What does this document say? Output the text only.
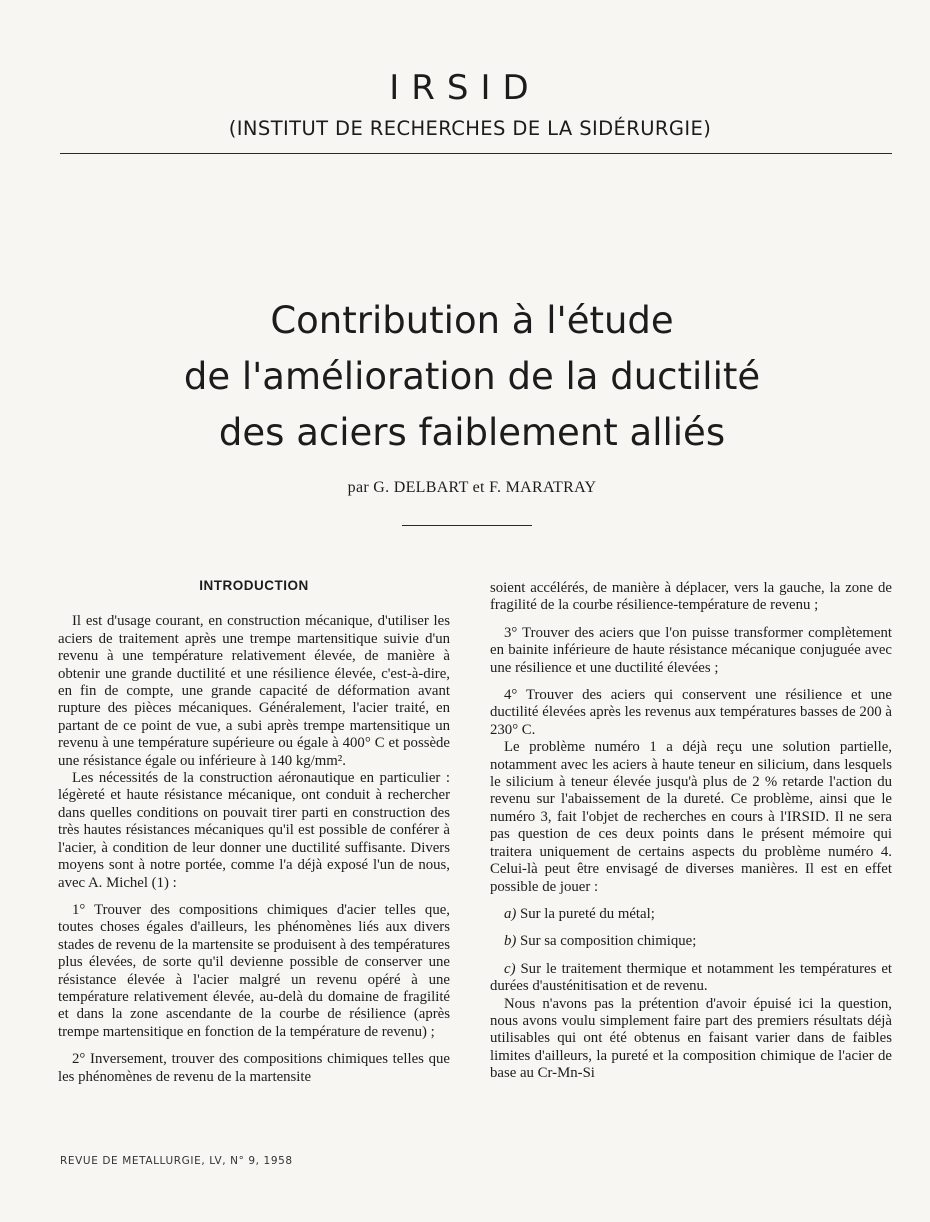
IRSID
(INSTITUT DE RECHERCHES DE LA SIDÉRURGIE)
Contribution à l'étude
de l'amélioration de la ductilité
des aciers faiblement alliés
par G. DELBART et F. MARATRAY
INTRODUCTION

Il est d'usage courant, en construction mécanique, d'utiliser les aciers de traitement après une trempe martensitique suivie d'un revenu à une température relativement élevée, de manière à obtenir une grande ductilité et une résilience élevée, c'est-à-dire, en fin de compte, une grande capacité de déformation avant rupture des pièces mécaniques. Généralement, l'acier traité, en partant de ce point de vue, a subi après trempe martensitique un revenu à une température supérieure ou égale à 400° C et possède une résistance égale ou inférieure à 140 kg/mm².

Les nécessités de la construction aéronautique en particulier : légèreté et haute résistance mécanique, ont conduit à rechercher dans quelles conditions on pouvait tirer parti en construction des très hautes résistances mécaniques qu'il est possible de conférer à l'acier, à condition de leur donner une ductilité suffisante. Divers moyens sont à notre portée, comme l'a déjà exposé l'un de nous, avec A. Michel (1) :

1° Trouver des compositions chimiques d'acier telles que, toutes choses égales d'ailleurs, les phénomènes liés aux divers stades de revenu de la martensite se produisent à des températures plus élevées, de sorte qu'il devienne possible de conserver une résistance élevée à l'acier malgré un revenu opéré à une température relativement élevée, au-delà du domaine de fragilité et dans la zone ascendante de la courbe de résilience (après trempe martensitique en fonction de la température de revenu) ;

2° Inversement, trouver des compositions chimiques telles que les phénomènes de revenu de la martensite

soient accélérés, de manière à déplacer, vers la gauche, la zone de fragilité de la courbe résilience-température de revenu ;

3° Trouver des aciers que l'on puisse transformer complètement en bainite inférieure de haute résistance mécanique conjuguée avec une résilience et une ductilité élevées ;

4° Trouver des aciers qui conservent une résilience et une ductilité élevées après les revenus aux températures basses de 200 à 230° C.

Le problème numéro 1 a déjà reçu une solution partielle, notamment avec les aciers à haute teneur en silicium, dans lesquels le silicium à teneur élevée jusqu'à plus de 2 % retarde l'action du revenu sur l'abaissement de la dureté. Ce problème, ainsi que le numéro 3, fait l'objet de recherches en cours à l'IRSID. Il ne sera pas question de ces deux points dans le présent mémoire qui traitera uniquement de certains aspects du problème numéro 4. Celui-là peut être envisagé de diverses manières. Il est en effet possible de jouer :

a) Sur la pureté du métal;

b) Sur sa composition chimique;

c) Sur le traitement thermique et notamment les températures et durées d'austénitisation et de revenu.

Nous n'avons pas la prétention d'avoir épuisé ici la question, nous avons voulu simplement faire part des premiers résultats déjà utilisables qui ont été obtenus en faisant varier dans de faibles limites d'ailleurs, la pureté et la composition chimique de l'acier de base au Cr-Mn-Si

REVUE DE METALLURGIE, LV, N° 9, 1958
